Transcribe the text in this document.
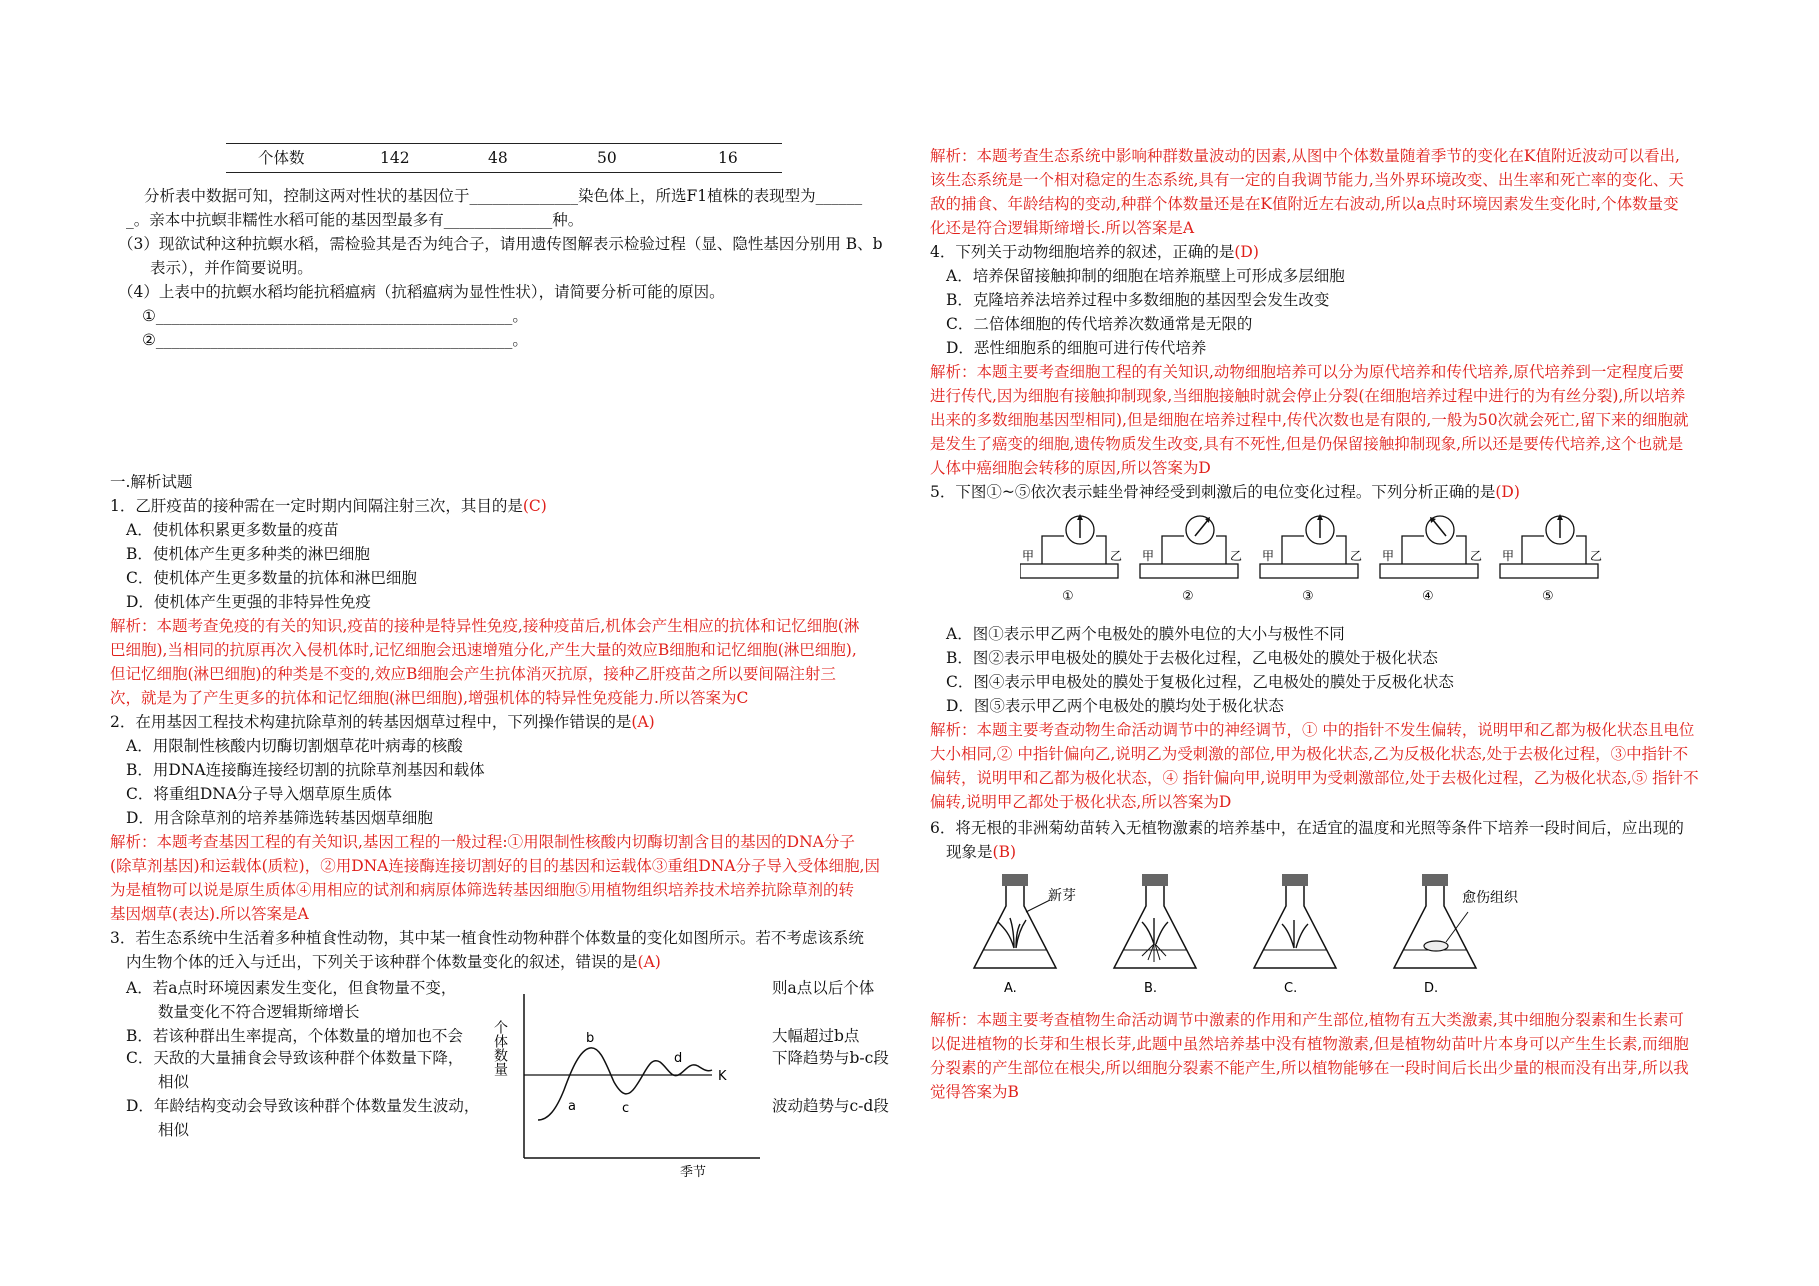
个体数	142	48	50	16
分析表中数据可知，控制这两对性状的基因位于______________染色体上，所选F1植株的表现型为______
_。亲本中抗螟非糯性水稻可能的基因型最多有______________种。
（3）现欲试种这种抗螟水稻，需检验其是否为纯合子，请用遗传图解表示检验过程（显、隐性基因分别用 B、b
表示），并作简要说明。
（4）上表中的抗螟水稻均能抗稻瘟病（抗稻瘟病为显性性状），请简要分析可能的原因。
①______________________________________________。
②______________________________________________。
一.解析试题
1．乙肝疫苗的接种需在一定时期内间隔注射三次，其目的是(C)
A．使机体积累更多数量的疫苗
B．使机体产生更多种类的淋巴细胞
C．使机体产生更多数量的抗体和淋巴细胞
D．使机体产生更强的非特异性免疫
解析：本题考查免疫的有关的知识,疫苗的接种是特异性免疫,接种疫苗后,机体会产生相应的抗体和记忆细胞(淋
巴细胞),当相同的抗原再次入侵机体时,记忆细胞会迅速增殖分化,产生大量的效应B细胞和记忆细胞(淋巴细胞),
但记忆细胞(淋巴细胞)的种类是不变的,效应B细胞会产生抗体消灭抗原，接种乙肝疫苗之所以要间隔注射三
次，就是为了产生更多的抗体和记忆细胞(淋巴细胞),增强机体的特异性免疫能力.所以答案为C
2．在用基因工程技术构建抗除草剂的转基因烟草过程中，下列操作错误的是(A)
A．用限制性核酸内切酶切割烟草花叶病毒的核酸
B．用DNA连接酶连接经切割的抗除草剂基因和载体
C．将重组DNA分子导入烟草原生质体
D．用含除草剂的培养基筛选转基因烟草细胞
解析：本题考查基因工程的有关知识,基因工程的一般过程:①用限制性核酸内切酶切割含目的基因的DNA分子
(除草剂基因)和运载体(质粒)，②用DNA连接酶连接切割好的目的基因和运载体③重组DNA分子导入受体细胞,因
为是植物可以说是原生质体④用相应的试剂和病原体筛选转基因细胞⑤用植物组织培养技术培养抗除草剂的转
基因烟草(表达).所以答案是A
3．若生态系统中生活着多种植食性动物，其中某一植食性动物种群个体数量的变化如图所示。若不考虑该系统
内生物个体的迁入与迁出，下列关于该种群个体数量变化的叙述，错误的是(A)
A．若a点时环境因素发生变化，但食物量不变，
数量变化不符合逻辑斯缔增长
B．若该种群出生率提高，个体数量的增加也不会
C．天敌的大量捕食会导致该种群个体数量下降，
相似
D．年龄结构变动会导致该种群个体数量发生波动，
相似
则a点以后个体
大幅超过b点
下降趋势与b-c段
波动趋势与c-d段
个体数量
季节
K
a
b
c
d
解析：本题考查生态系统中影响种群数量波动的因素,从图中个体数量随着季节的变化在K值附近波动可以看出,
该生态系统是一个相对稳定的生态系统,具有一定的自我调节能力,当外界环境改变、出生率和死亡率的变化、天
敌的捕食、年龄结构的变动,种群个体数量还是在K值附近左右波动,所以a点时环境因素发生变化时,个体数量变
化还是符合逻辑斯缔增长.所以答案是A
4．下列关于动物细胞培养的叙述，正确的是(D)
A．培养保留接触抑制的细胞在培养瓶壁上可形成多层细胞
B．克隆培养法培养过程中多数细胞的基因型会发生改变
C．二倍体细胞的传代培养次数通常是无限的
D．恶性细胞系的细胞可进行传代培养
解析：本题主要考查细胞工程的有关知识,动物细胞培养可以分为原代培养和传代培养,原代培养到一定程度后要
进行传代,因为细胞有接触抑制现象,当细胞接触时就会停止分裂(在细胞培养过程中进行的为有丝分裂),所以培养
出来的多数细胞基因型相同),但是细胞在培养过程中,传代次数也是有限的,一般为50次就会死亡,留下来的细胞就
是发生了癌变的细胞,遗传物质发生改变,具有不死性,但是仍保留接触抑制现象,所以还是要传代培养,这个也就是
人体中癌细胞会转移的原因,所以答案为D
5．下图①~⑤依次表示蛙坐骨神经受到刺激后的电位变化过程。下列分析正确的是(D)
甲	乙
①
甲	乙
②
甲	乙
③
甲	乙
④
甲	乙
⑤
A．图①表示甲乙两个电极处的膜外电位的大小与极性不同
B．图②表示甲电极处的膜处于去极化过程，乙电极处的膜处于极化状态
C．图④表示甲电极处的膜处于复极化过程，乙电极处的膜处于反极化状态
D．图⑤表示甲乙两个电极处的膜均处于极化状态
解析：本题主要考查动物生命活动调节中的神经调节，① 中的指针不发生偏转，说明甲和乙都为极化状态且电位
大小相同,② 中指针偏向乙,说明乙为受刺激的部位,甲为极化状态,乙为反极化状态,处于去极化过程，③中指针不
偏转，说明甲和乙都为极化状态，④ 指针偏向甲,说明甲为受刺激部位,处于去极化过程，乙为极化状态,⑤ 指针不
偏转,说明甲乙都处于极化状态,所以答案为D
6．将无根的非洲菊幼苗转入无植物激素的培养基中，在适宜的温度和光照等条件下培养一段时间后，应出现的
现象是(B)
新芽
A.	B.	C.
愈伤组织
D.
解析：本题主要考查植物生命活动调节中激素的作用和产生部位,植物有五大类激素,其中细胞分裂素和生长素可
以促进植物的长芽和生根长芽,此题中虽然培养基中没有植物激素,但是植物幼苗叶片本身可以产生生长素,而细胞
分裂素的产生部位在根尖,所以细胞分裂素不能产生,所以植物能够在一段时间后长出少量的根而没有出芽,所以我
觉得答案为B
